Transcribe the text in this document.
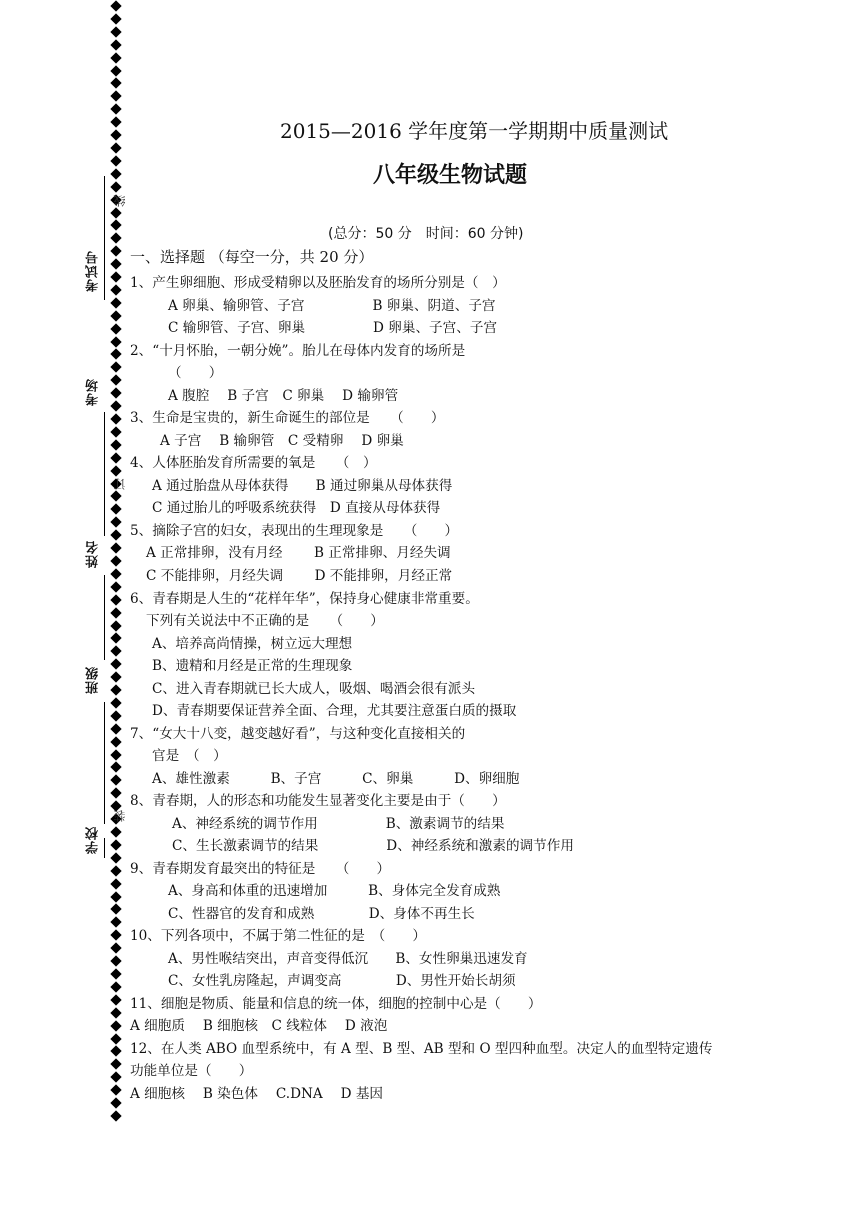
考试号
考场
姓名
班级
学校
线
订
装
2015—2016 学年度第一学期期中质量测试
八年级生物试题
(总分：50 分　时间：60 分钟)
一、选择题 （每空一分，共 20 分）
1、产生卵细胞、形成受精卵以及胚胎发育的场所分别是（　）
A 卵巢、输卵管、子宫　　　　　B 卵巢、阴道、子宫
C 输卵管、子宫、卵巢　　　　　D 卵巢、子宫、子宫
2、“十月怀胎，一朝分娩”。胎儿在母体内发育的场所是
（　　）
A 腹腔　 B 子宫　C 卵巢　 D 输卵管
3、生命是宝贵的，新生命诞生的部位是　　（　　）
A 子宫　 B 输卵管　C 受精卵　 D 卵巢
4、人体胚胎发育所需要的氧是　　（　）
A 通过胎盘从母体获得　　B 通过卵巢从母体获得
C 通过胎儿的呼吸系统获得　D 直接从母体获得
5、摘除子宫的妇女，表现出的生理现象是　　（　　）
A 正常排卵，没有月经　　 B 正常排卵、月经失调
C 不能排卵，月经失调　　 D 不能排卵，月经正常
6、青春期是人生的“花样年华”，保持身心健康非常重要。
下列有关说法中不正确的是　　（　　）
A、培养高尚情操，树立远大理想
B、遗精和月经是正常的生理现象
C、进入青春期就已长大成人，吸烟、喝酒会很有派头
D、青春期要保证营养全面、合理，尤其要注意蛋白质的摄取
7、“女大十八变，越变越好看”，与这种变化直接相关的
官是　（　）
A、雄性激素　　　B、子宫　　　C、卵巢　　　D、卵细胞
8、青春期，人的形态和功能发生显著变化主要是由于（　　）
A、神经系统的调节作用　　　　　B、激素调节的结果
C、生长激素调节的结果　　　　　D、神经系统和激素的调节作用
9、青春期发育最突出的特征是　　（　　）
A、身高和体重的迅速增加　　　B、身体完全发育成熟
C、性器官的发育和成熟　　　　D、身体不再生长
10、下列各项中，不属于第二性征的是　（　　）
A、男性喉结突出，声音变得低沉　　B、女性卵巢迅速发育
C、女性乳房隆起，声调变高　　　　D、男性开始长胡须
11、细胞是物质、能量和信息的统一体，细胞的控制中心是（　　）
A 细胞质　 B 细胞核　C 线粒体　 D 液泡
12、在人类 ABO 血型系统中，有 A 型、B 型、AB 型和 O 型四种血型。决定人的血型特定遗传
功能单位是（　　）
A 细胞核　 B 染色体　 C.DNA　 D 基因
